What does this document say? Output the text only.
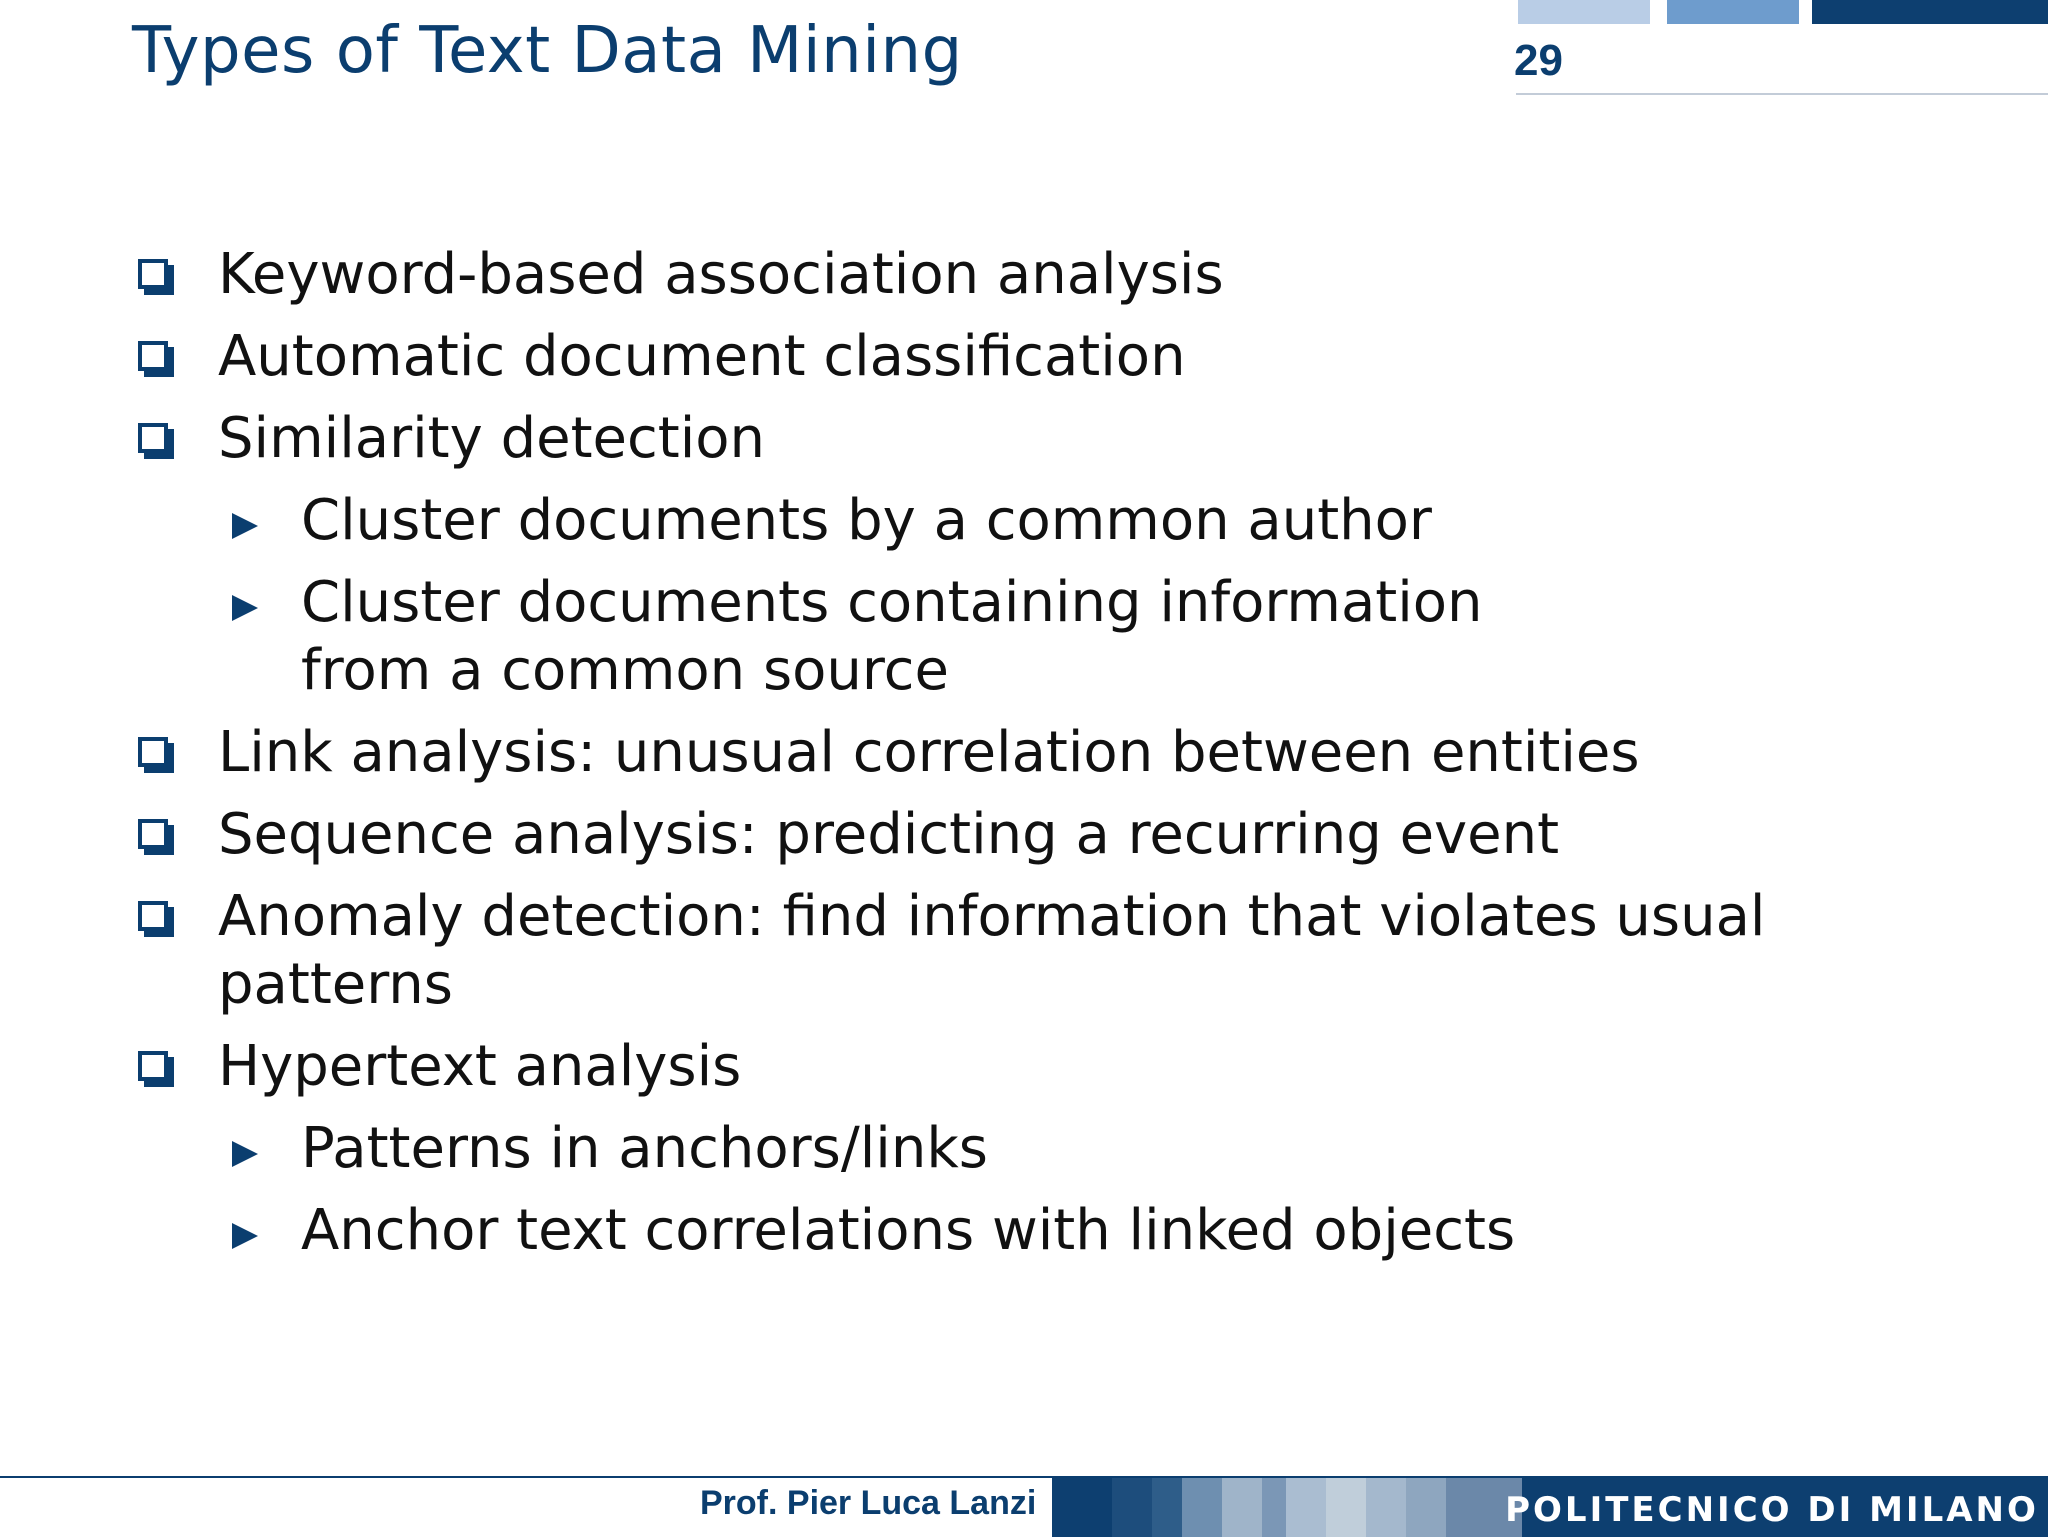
Types of Text Data Mining	29
Keyword-based association analysis
Automatic document classification
Similarity detection
Cluster documents by a common author
Cluster documents containing information
from a common source
Link analysis: unusual correlation between entities
Sequence analysis: predicting a recurring event
Anomaly detection: find information that violates usual
patterns
Hypertext analysis
Patterns in anchors/links
Anchor text correlations with linked objects
Prof. Pier Luca Lanzi	POLITECNICO DI MILANO
